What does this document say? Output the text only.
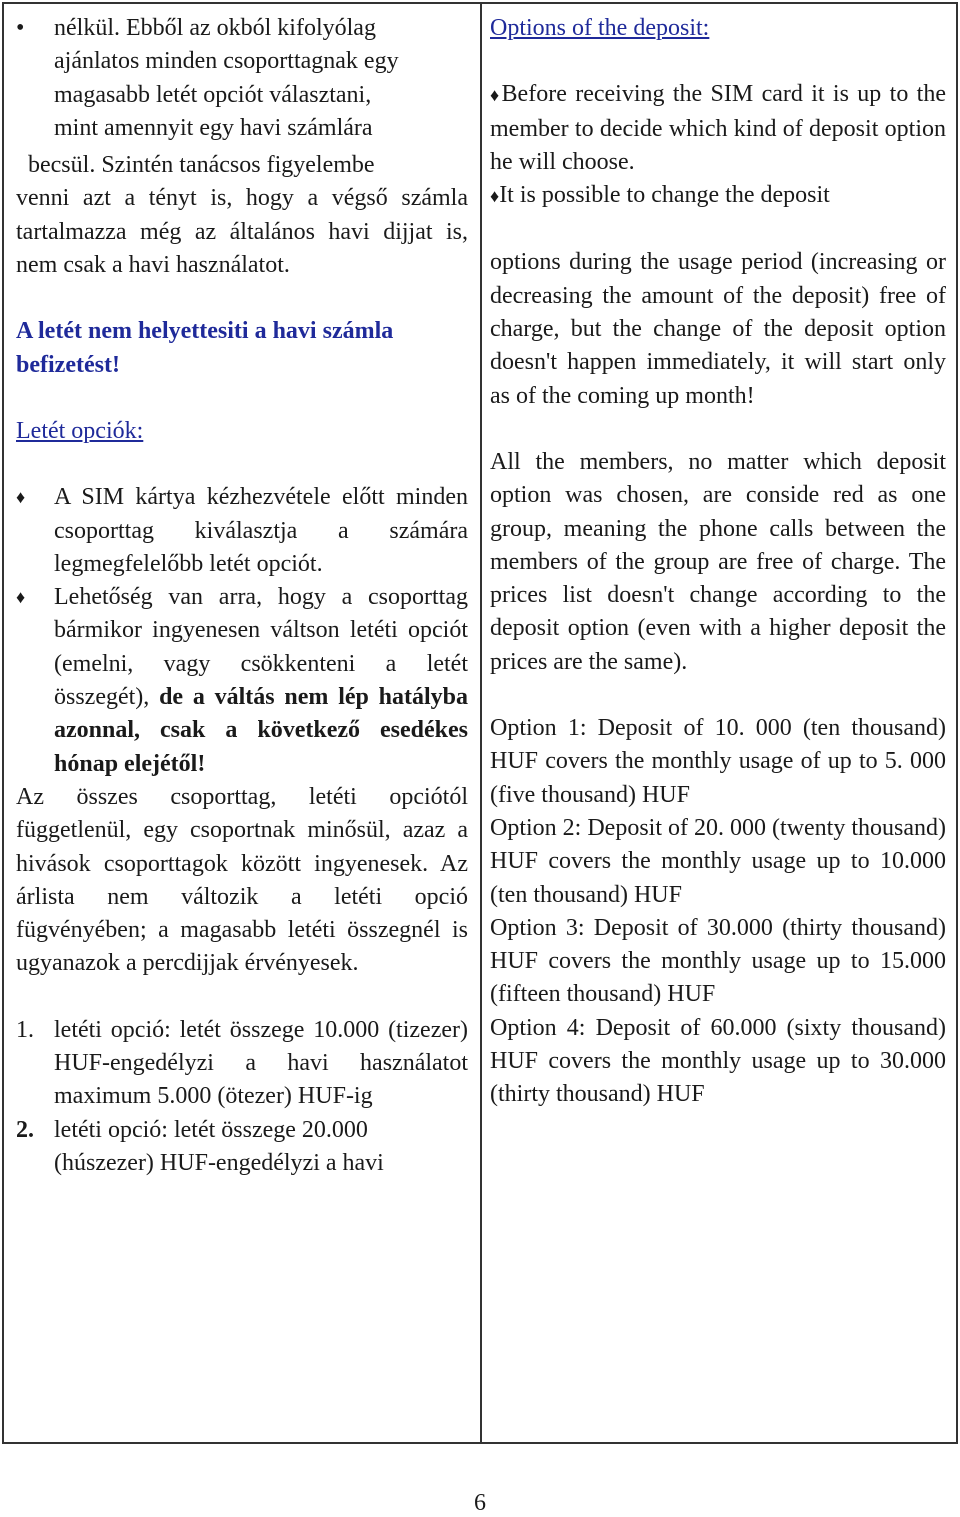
•	nélkül. Ebből az okból kifolyólag
ajánlatos minden csoporttagnak egy
magasabb letét opciót választani,
mint amennyit egy havi számlára
becsül. Szintén tanácsos figyelembe
venni azt a tényt is, hogy a végső számla tartalmazza még az általános havi dijjat is, nem csak a havi használatot.
A letét nem helyettesiti a havi számla befizetést!
Letét opciók:
♦	A SIM kártya kézhezvétele előtt minden csoporttag kiválasztja a számára legmegfelelőbb letét opciót.
♦	Lehetőség van arra, hogy a csoporttag bármikor ingyenesen váltson letéti opciót (emelni, vagy csökkenteni a letét összegét), de a váltás nem lép hatályba azonnal, csak a következő esedékes hónap elejétől!
Az összes csoporttag, letéti opciótól függetlenül, egy csoportnak minősül, azaz a hivások csoporttagok között ingyenesek. Az árlista nem változik a letéti opció fügvényében; a magasabb letéti összegnél is ugyanazok a percdijjak érvényesek.
1. letéti opció: letét összege 10.000 (tizezer) HUF-engedélyzi a havi használatot maximum 5.000 (ötezer) HUF-ig
2. letéti opció: letét összege 20.000 (húszezer) HUF-engedélyzi a havi
Options of the deposit:
♦Before receiving the SIM card it is up to the member to decide which kind of deposit option he will choose.
♦It is possible to change the deposit
options during the usage period (increasing or decreasing the amount of the deposit) free of charge, but the change of the deposit option doesn't happen immediately, it will start only as of the coming up month!
All the members, no matter which deposit option was chosen, are conside red as one group, meaning the phone calls between the members of the group are free of charge. The prices list doesn't change according to the deposit option (even with a higher deposit the prices are the same).
Option 1: Deposit of 10. 000 (ten thousand) HUF covers the monthly usage of up to 5. 000 (five thousand) HUF
Option 2: Deposit of 20. 000 (twenty thousand) HUF covers the monthly usage up to 10.000 (ten thousand) HUF
Option 3: Deposit of 30.000 (thirty thousand) HUF covers the monthly usage up to 15.000 (fifteen thousand) HUF
Option 4: Deposit of 60.000 (sixty thousand) HUF covers the monthly usage up to 30.000 (thirty thousand) HUF
6
